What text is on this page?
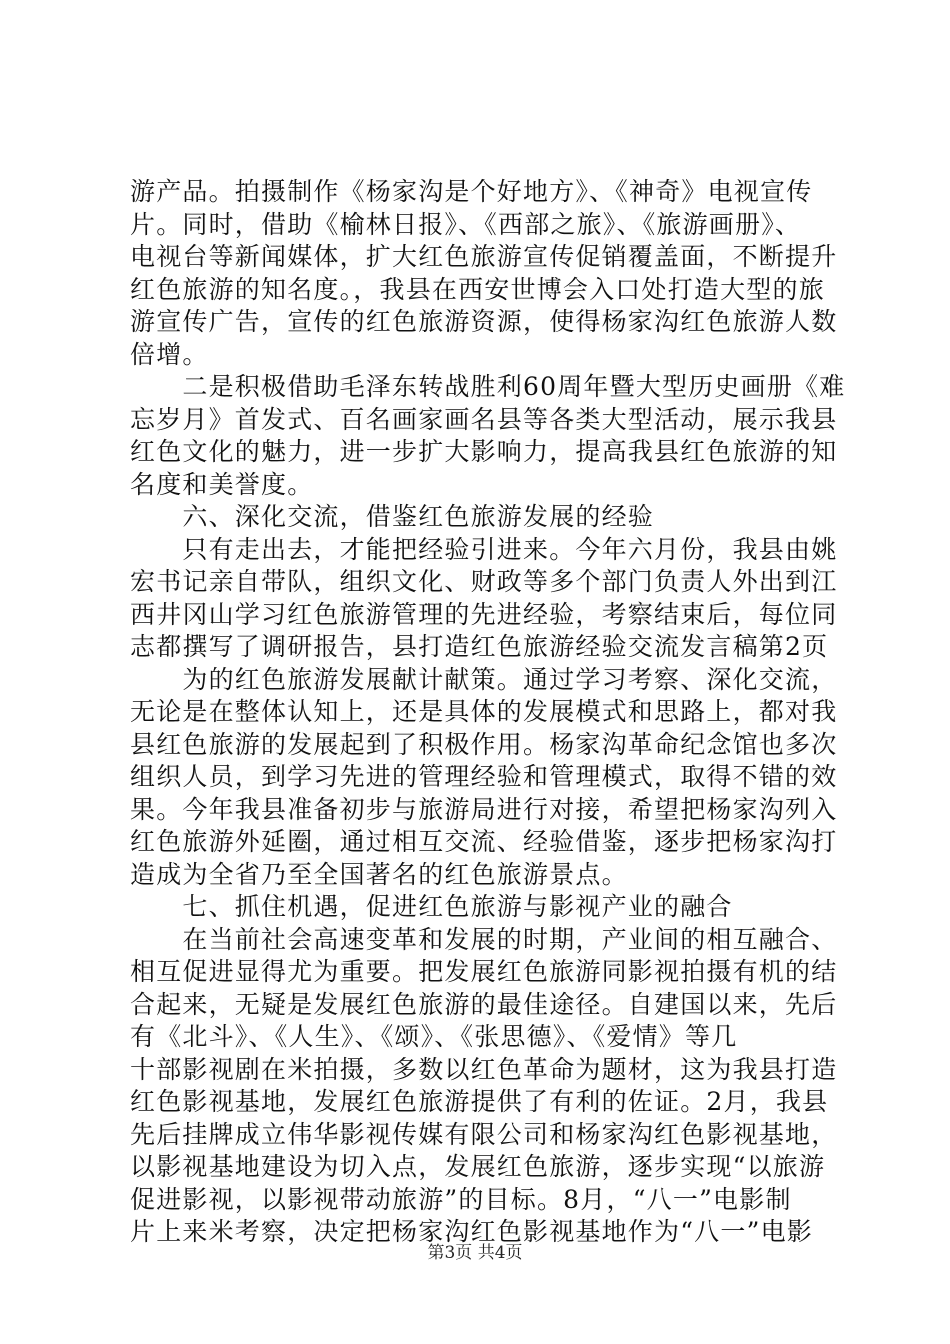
游产品。拍摄制作《杨家沟是个好地方》、《神奇》电视宣传
片。同时，借助《榆林日报》、《西部之旅》、《旅游画册》、
电视台等新闻媒体，扩大红色旅游宣传促销覆盖面，不断提升
红色旅游的知名度。，我县在西安世博会入口处打造大型的旅
游宣传广告，宣传的红色旅游资源，使得杨家沟红色旅游人数
倍增。
　　二是积极借助毛泽东转战胜利60周年暨大型历史画册《难
忘岁月》首发式、百名画家画名县等各类大型活动，展示我县
红色文化的魅力，进一步扩大影响力，提高我县红色旅游的知
名度和美誉度。
　　六、深化交流，借鉴红色旅游发展的经验
　　只有走出去，才能把经验引进来。今年六月份，我县由姚
宏书记亲自带队，组织文化、财政等多个部门负责人外出到江
西井冈山学习红色旅游管理的先进经验，考察结束后，每位同
志都撰写了调研报告，县打造红色旅游经验交流发言稿第2页
　　为的红色旅游发展献计献策。通过学习考察、深化交流，
无论是在整体认知上，还是具体的发展模式和思路上，都对我
县红色旅游的发展起到了积极作用。杨家沟革命纪念馆也多次
组织人员，到学习先进的管理经验和管理模式，取得不错的效
果。今年我县准备初步与旅游局进行对接，希望把杨家沟列入
红色旅游外延圈，通过相互交流、经验借鉴，逐步把杨家沟打
造成为全省乃至全国著名的红色旅游景点。
　　七、抓住机遇，促进红色旅游与影视产业的融合
　　在当前社会高速变革和发展的时期，产业间的相互融合、
相互促进显得尤为重要。把发展红色旅游同影视拍摄有机的结
合起来，无疑是发展红色旅游的最佳途径。自建国以来，先后
有《北斗》、《人生》、《颂》、《张思德》、《爱情》等几
十部影视剧在米拍摄，多数以红色革命为题材，这为我县打造
红色影视基地，发展红色旅游提供了有利的佐证。2月，我县
先后挂牌成立伟华影视传媒有限公司和杨家沟红色影视基地，
以影视基地建设为切入点，发展红色旅游，逐步实现“以旅游
促进影视，以影视带动旅游”的目标。8月，“八一”电影制
片上来米考察，决定把杨家沟红色影视基地作为“八一”电影
第3页 共4页
